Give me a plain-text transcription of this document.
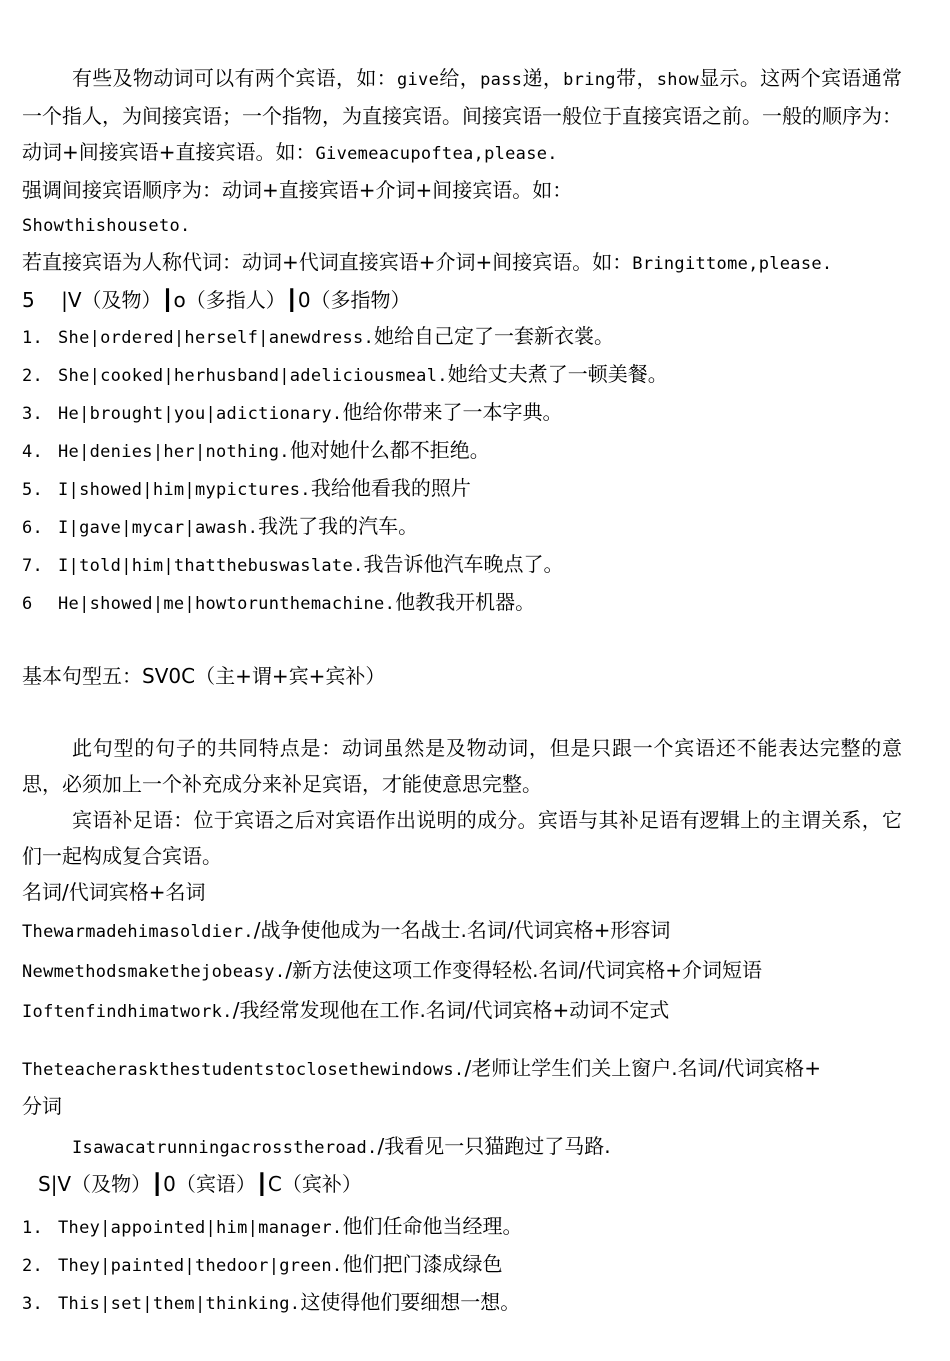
有些及物动词可以有两个宾语，如：give给，pass递，bring带，show显示。这两个宾语通常一个指人，为间接宾语；一个指物，为直接宾语。间接宾语一般位于直接宾语之前。一般的顺序为：动词+间接宾语+直接宾语。如：Givemeacupoftea,please.
强调间接宾语顺序为：动词+直接宾语+介词+间接宾语。如：
Showthishouseto.
若直接宾语为人称代词：动词+代词直接宾语+介词+间接宾语。如：Bringittome,please.
5　 |V（及物）┃o（多指人）┃0（多指物）
1. She|ordered|herself|anewdress.她给自己定了一套新衣裳。
2. She|cooked|herhusband|adeliciousmeal.她给丈夫煮了一顿美餐。
3. He|brought|you|adictionary.他给你带来了一本字典。
4. He|denies|her|nothing.他对她什么都不拒绝。
5. I|showed|him|mypictures.我给他看我的照片
6. I|gave|mycar|awash.我洗了我的汽车。
7. I|told|him|thatthebuswaslate.我告诉他汽车晚点了。
6 He|showed|me|howtorunthemachine.他教我开机器。
基本句型五：SV0C（主+谓+宾+宾补）
此句型的句子的共同特点是：动词虽然是及物动词，但是只跟一个宾语还不能表达完整的意思，必须加上一个补充成分来补足宾语，才能使意思完整。
宾语补足语：位于宾语之后对宾语作出说明的成分。宾语与其补足语有逻辑上的主谓关系，它们一起构成复合宾语。
名词/代词宾格+名词
Thewarmadehimasoldier./战争使他成为一名战士.名词/代词宾格+形容词
Newmethodsmakethejobeasy./新方法使这项工作变得轻松.名词/代词宾格+介词短语
Ioftenfindhimatwork./我经常发现他在工作.名词/代词宾格+动词不定式
Theteacheraskthestudentstoclosethewindows./老师让学生们关上窗户.名词/代词宾格+
分词
Isawacatrunningacrosstheroad./我看见一只猫跑过了马路.
S|V（及物）┃0（宾语）┃C（宾补）
1. They|appointed|him|manager.他们任命他当经理。
2. They|painted|thedoor|green.他们把门漆成绿色
3. This|set|them|thinking.这使得他们要细想一想。
